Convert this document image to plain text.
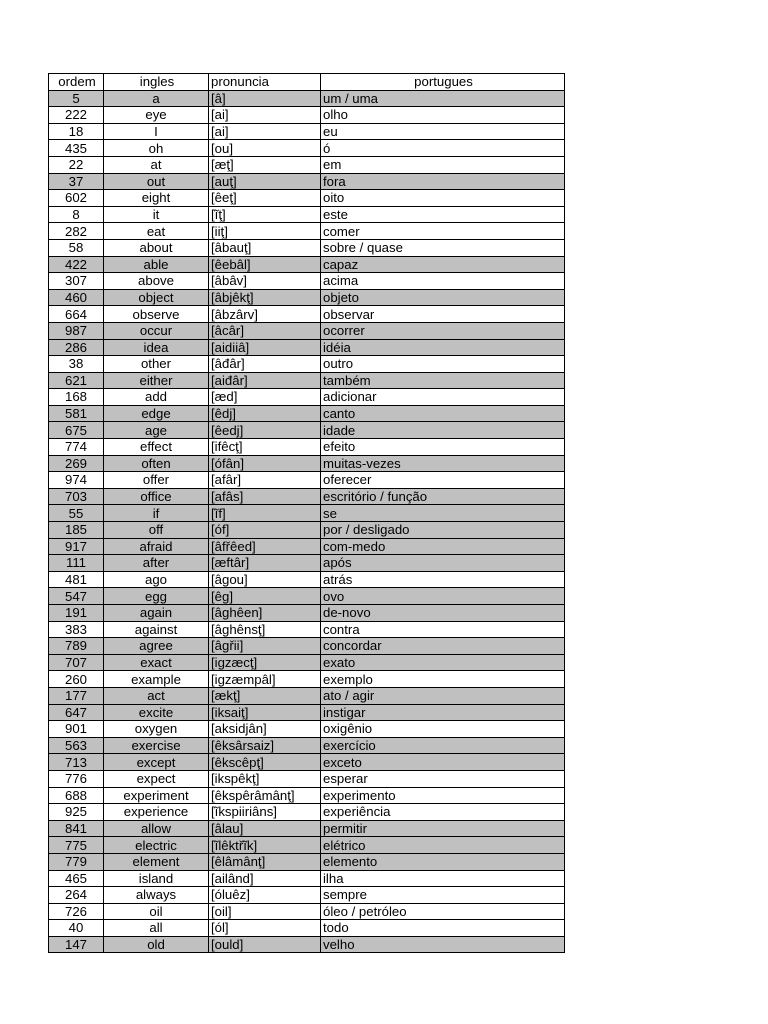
ordem	ingles	pronuncia	portugues
5	a	[â]	um / uma
222	eye	[ai]	olho
18	I	[ai]	eu
435	oh	[ou]	ó
22	at	[æţ]	em
37	out	[auţ]	fora
602	eight	[êeţ]	oito
8	it	[ĩţ]	este
282	eat	[iiţ]	comer
58	about	[âbauţ]	sobre / quase
422	able	[êebâl]	capaz
307	above	[âbâv]	acima
460	object	[âbjêkţ]	objeto
664	observe	[âbzârv]	observar
987	occur	[âcâr]	ocorrer
286	idea	[aidiiâ]	idéia
38	other	[âđâr]	outro
621	either	[aiđâr]	também
168	add	[æd]	adicionar
581	edge	[êdj]	canto
675	age	[êedj]	idade
774	effect	[ifêcţ]	efeito
269	often	[ófân]	muitas-vezes
974	offer	[afâr]	oferecer
703	office	[afâs]	escritório / função
55	if	[ĩf]	se
185	off	[óf]	por / desligado
917	afraid	[âfřêed]	com-medo
111	after	[æftâr]	após
481	ago	[âgou]	atrás
547	egg	[êg]	ovo
191	again	[âghêen]	de-novo
383	against	[âghênsţ]	contra
789	agree	[âgřii]	concordar
707	exact	[igzæcţ]	exato
260	example	[igzæmpâl]	exemplo
177	act	[ækţ]	ato / agir
647	excite	[iksaiţ]	instigar
901	oxygen	[aksidjân]	oxigênio
563	exercise	[êksârsaiz]	exercício
713	except	[êkscêpţ]	exceto
776	expect	[ikspêkţ]	esperar
688	experiment	[êkspêrâmânţ]	experimento
925	experience	[ĩkspiiriâns]	experiência
841	allow	[âlau]	permitir
775	electric	[ĩlêktřĩk]	elétrico
779	element	[êlâmânţ]	elemento
465	island	[ailând]	ilha
264	always	[óluêz]	sempre
726	oil	[oil]	óleo / petróleo
40	all	[ól]	todo
147	old	[ould]	velho
